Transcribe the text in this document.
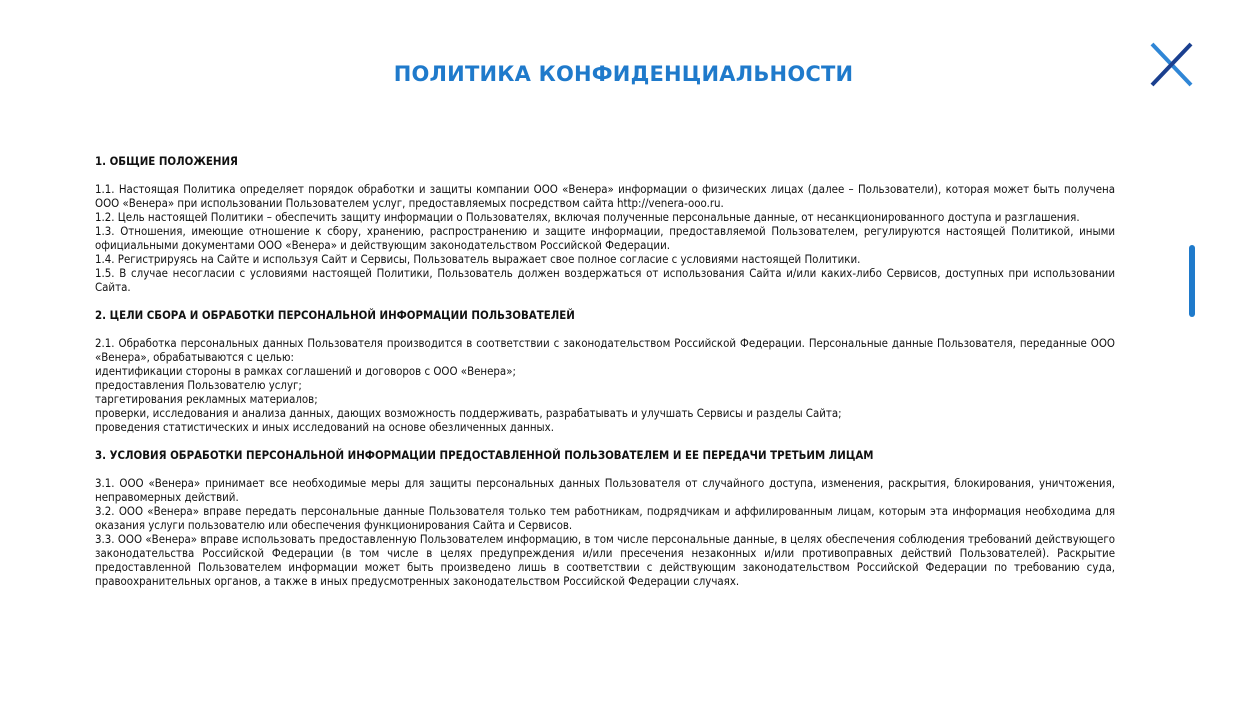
ПОЛИТИКА КОНФИДЕНЦИАЛЬНОСТИ
1. ОБЩИЕ ПОЛОЖЕНИЯ

1.1. Настоящая Политика определяет порядок обработки и защиты компании ООО «Венера» информации о физических лицах (далее – Пользователи), которая может быть получена ООО «Венера» при использовании Пользователем услуг, предоставляемых посредством сайта http://venera-ooo.ru.

1.2. Цель настоящей Политики – обеспечить защиту информации о Пользователях, включая полученные персональные данные, от несанкционированного доступа и разглашения.

1.3. Отношения, имеющие отношение к сбору, хранению, распространению и защите информации, предоставляемой Пользователем, регулируются настоящей Политикой, иными официальными документами ООО «Венера» и действующим законодательством Российской Федерации.

1.4. Регистрируясь на Сайте и используя Сайт и Сервисы, Пользователь выражает свое полное согласие с условиями настоящей Политики.

1.5. В случае несогласии с условиями настоящей Политики, Пользователь должен воздержаться от использования Сайта и/или каких-либо Сервисов, доступных при использовании Сайта.

2. ЦЕЛИ СБОРА И ОБРАБОТКИ ПЕРСОНАЛЬНОЙ ИНФОРМАЦИИ ПОЛЬЗОВАТЕЛЕЙ

2.1. Обработка персональных данных Пользователя производится в соответствии с законодательством Российской Федерации. Персональные данные Пользователя, переданные ООО «Венера», обрабатываются с целью:

идентификации стороны в рамках соглашений и договоров с ООО «Венера»;

предоставления Пользователю услуг;

таргетирования рекламных материалов;

проверки, исследования и анализа данных, дающих возможность поддерживать, разрабатывать и улучшать Сервисы и разделы Сайта;

проведения статистических и иных исследований на основе обезличенных данных.

3. УСЛОВИЯ ОБРАБОТКИ ПЕРСОНАЛЬНОЙ ИНФОРМАЦИИ ПРЕДОСТАВЛЕННОЙ ПОЛЬЗОВАТЕЛЕМ И ЕЕ ПЕРЕДАЧИ ТРЕТЬИМ ЛИЦАМ

3.1. ООО «Венера» принимает все необходимые меры для защиты персональных данных Пользователя от случайного доступа, изменения, раскрытия, блокирования, уничтожения, неправомерных действий.

3.2. ООО «Венера» вправе передать персональные данные Пользователя только тем работникам, подрядчикам и аффилированным лицам, которым эта информация необходима для оказания услуги пользователю или обеспечения функционирования Сайта и Сервисов.

3.3. ООО «Венера» вправе использовать предоставленную Пользователем информацию, в том числе персональные данные, в целях обеспечения соблюдения требований действующего законодательства Российской Федерации (в том числе в целях предупреждения и/или пресечения незаконных и/или противоправных действий Пользователей). Раскрытие предоставленной Пользователем информации может быть произведено лишь в соответствии с действующим законодательством Российской Федерации по требованию суда, правоохранительных органов, а также в иных предусмотренных законодательством Российской Федерации случаях.
